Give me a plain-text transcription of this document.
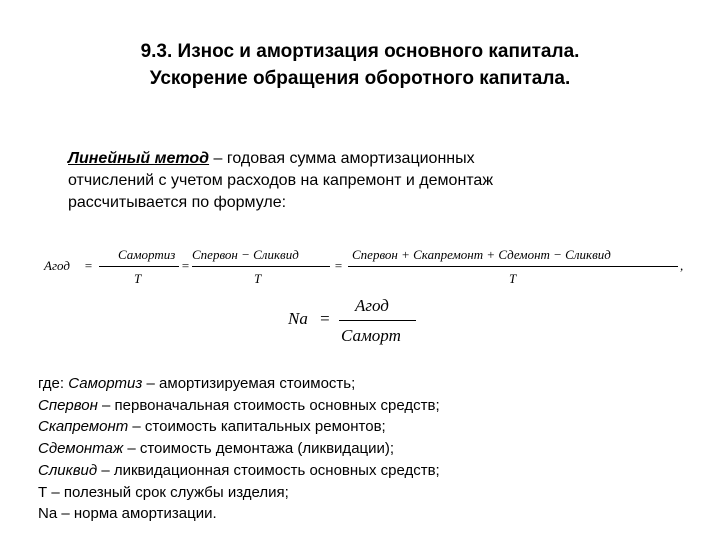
9.3. Износ и амортизация основного капитала.
Ускорение обращения оборотного капитала.
Линейный метод – годовая сумма амортизационных
отчислений с учетом расходов на капремонт и демонтаж
рассчитывается по формуле:
Агод =
Самортиз
Т
=
Спервон − Сликвид
Т
=
Спервон + Скапремонт + Сдемонт − Сликвид
Т
,
Nа =
Агод
Саморт
где: Самортиз – амортизируемая стоимость;
Спервон – первоначальная стоимость основных средств;
Скапремонт – стоимость капитальных ремонтов;
Сдемонтаж – стоимость демонтажа (ликвидации);
Сликвид – ликвидационная стоимость основных средств;
Т – полезный срок службы изделия;
Nа – норма амортизации.
